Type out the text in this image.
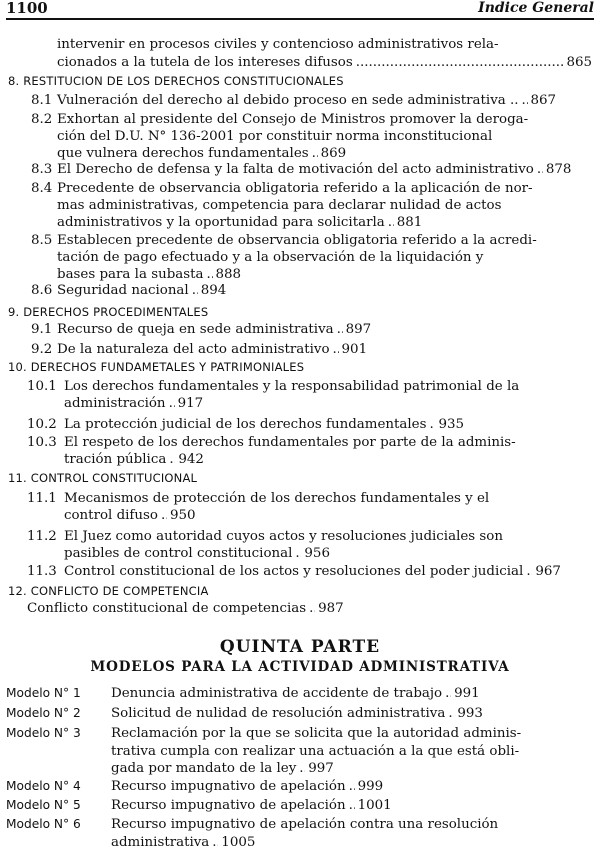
1100	Indice General
intervenir en procesos civiles y contencioso administrativos rela-
cionados a la tutela de los intereses difusos .....	865
8. RESTITUCION DE LOS DERECHOS CONSTITUCIONALES
9. DERECHOS PROCEDIMENTALES
10. DERECHOS FUNDAMETALES Y PATRIMONIALES
11. CONTROL CONSTITUCIONAL
12. CONFLICTO DE COMPETENCIA
8.1 Vulneración del derecho al debido proceso en sede administrativa .. ..... 867
8.2 Exhortan al presidente del Consejo de Ministros promover la deroga-
ción del D.U. N° 136-2001 por constituir norma inconstitucional
que vulnera derechos fundamentales ..... 869
8.3 El Derecho de defensa y la falta de motivación del acto administrativo ..... 878
8.4 Precedente de observancia obligatoria referido a la aplicación de nor-
mas administrativas, competencia para declarar nulidad de actos
administrativos y la oportunidad para solicitarla ..... 881
8.5 Establecen precedente de observancia obligatoria referido a la acredi-
tación de pago efectuado y a la observación de la liquidación y
bases para la subasta ..... 888
8.6 Seguridad nacional ..... 894
9.1 Recurso de queja en sede administrativa ..... 897
9.2 De la naturaleza del acto administrativo ..... 901
10.1 Los derechos fundamentales y la responsabilidad patrimonial de la
administración ..... 917
10.2 La protección judicial de los derechos fundamentales ..... 935
10.3 El respeto de los derechos fundamentales por parte de la adminis-
tración pública ..... 942
11.1 Mecanismos de protección de los derechos fundamentales y el
control difuso ..... 950
11.2 El Juez como autoridad cuyos actos y resoluciones judiciales son
pasibles de control constitucional ..... 956
11.3 Control constitucional de los actos y resoluciones del poder judicial ..... 967
Conflicto constitucional de competencias ..... 987
QUINTA PARTE
MODELOS PARA LA ACTIVIDAD ADMINISTRATIVA
Modelo N° 1 Denuncia administrativa de accidente de trabajo ..... 991
Modelo N° 2 Solicitud de nulidad de resolución administrativa ..... 993
Modelo N° 3 Reclamación por la que se solicita que la autoridad adminis-
trativa cumpla con realizar una actuación a la que está obli-
gada por mandato de la ley ..... 997
Modelo N° 4 Recurso impugnativo de apelación ..... 999
Modelo N° 5 Recurso impugnativo de apelación ..... 1001
Modelo N° 6 Recurso impugnativo de apelación contra una resolución
administrativa ..... 1005
